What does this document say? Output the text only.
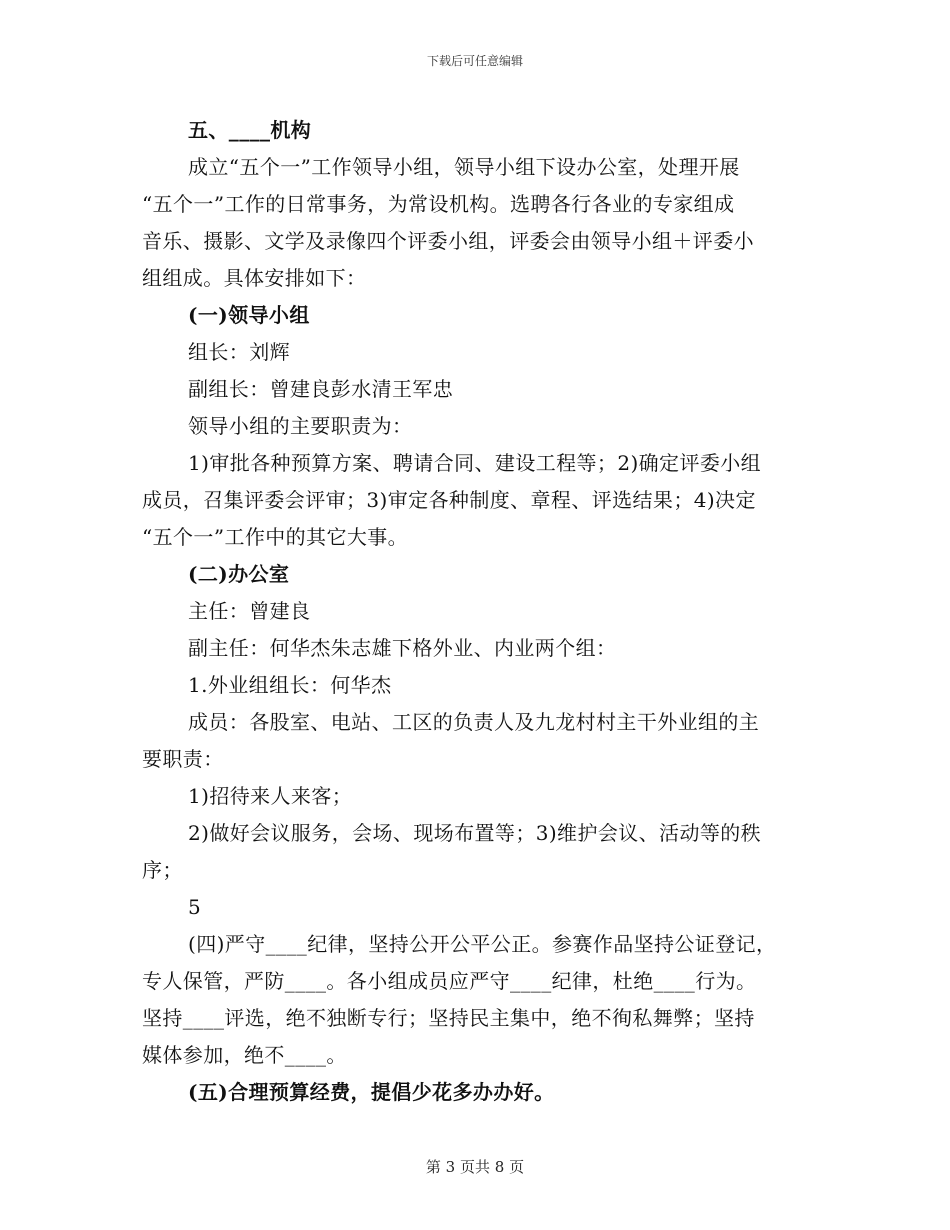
下载后可任意编辑
五、____机构
成立“五个一”工作领导小组，领导小组下设办公室，处理开展
“五个一”工作的日常事务，为常设机构。选聘各行各业的专家组成
音乐、摄影、文学及录像四个评委小组，评委会由领导小组＋评委小
组组成。具体安排如下：
(一)领导小组
组长：刘辉
副组长：曾建良彭水清王军忠
领导小组的主要职责为：
1)审批各种预算方案、聘请合同、建设工程等；2)确定评委小组
成员，召集评委会评审；3)审定各种制度、章程、评选结果；4)决定
“五个一”工作中的其它大事。
(二)办公室
主任：曾建良
副主任：何华杰朱志雄下格外业、内业两个组：
1.外业组组长：何华杰
成员：各股室、电站、工区的负责人及九龙村村主干外业组的主
要职责：
1)招待来人来客；
2)做好会议服务，会场、现场布置等；3)维护会议、活动等的秩
序；
5
(四)严守____纪律，坚持公开公平公正。参赛作品坚持公证登记，
专人保管，严防____。各小组成员应严守____纪律，杜绝____行为。
坚持____评选，绝不独断专行；坚持民主集中，绝不徇私舞弊；坚持
媒体参加，绝不____。
(五)合理预算经费，提倡少花多办办好。
第 3 页共 8 页
